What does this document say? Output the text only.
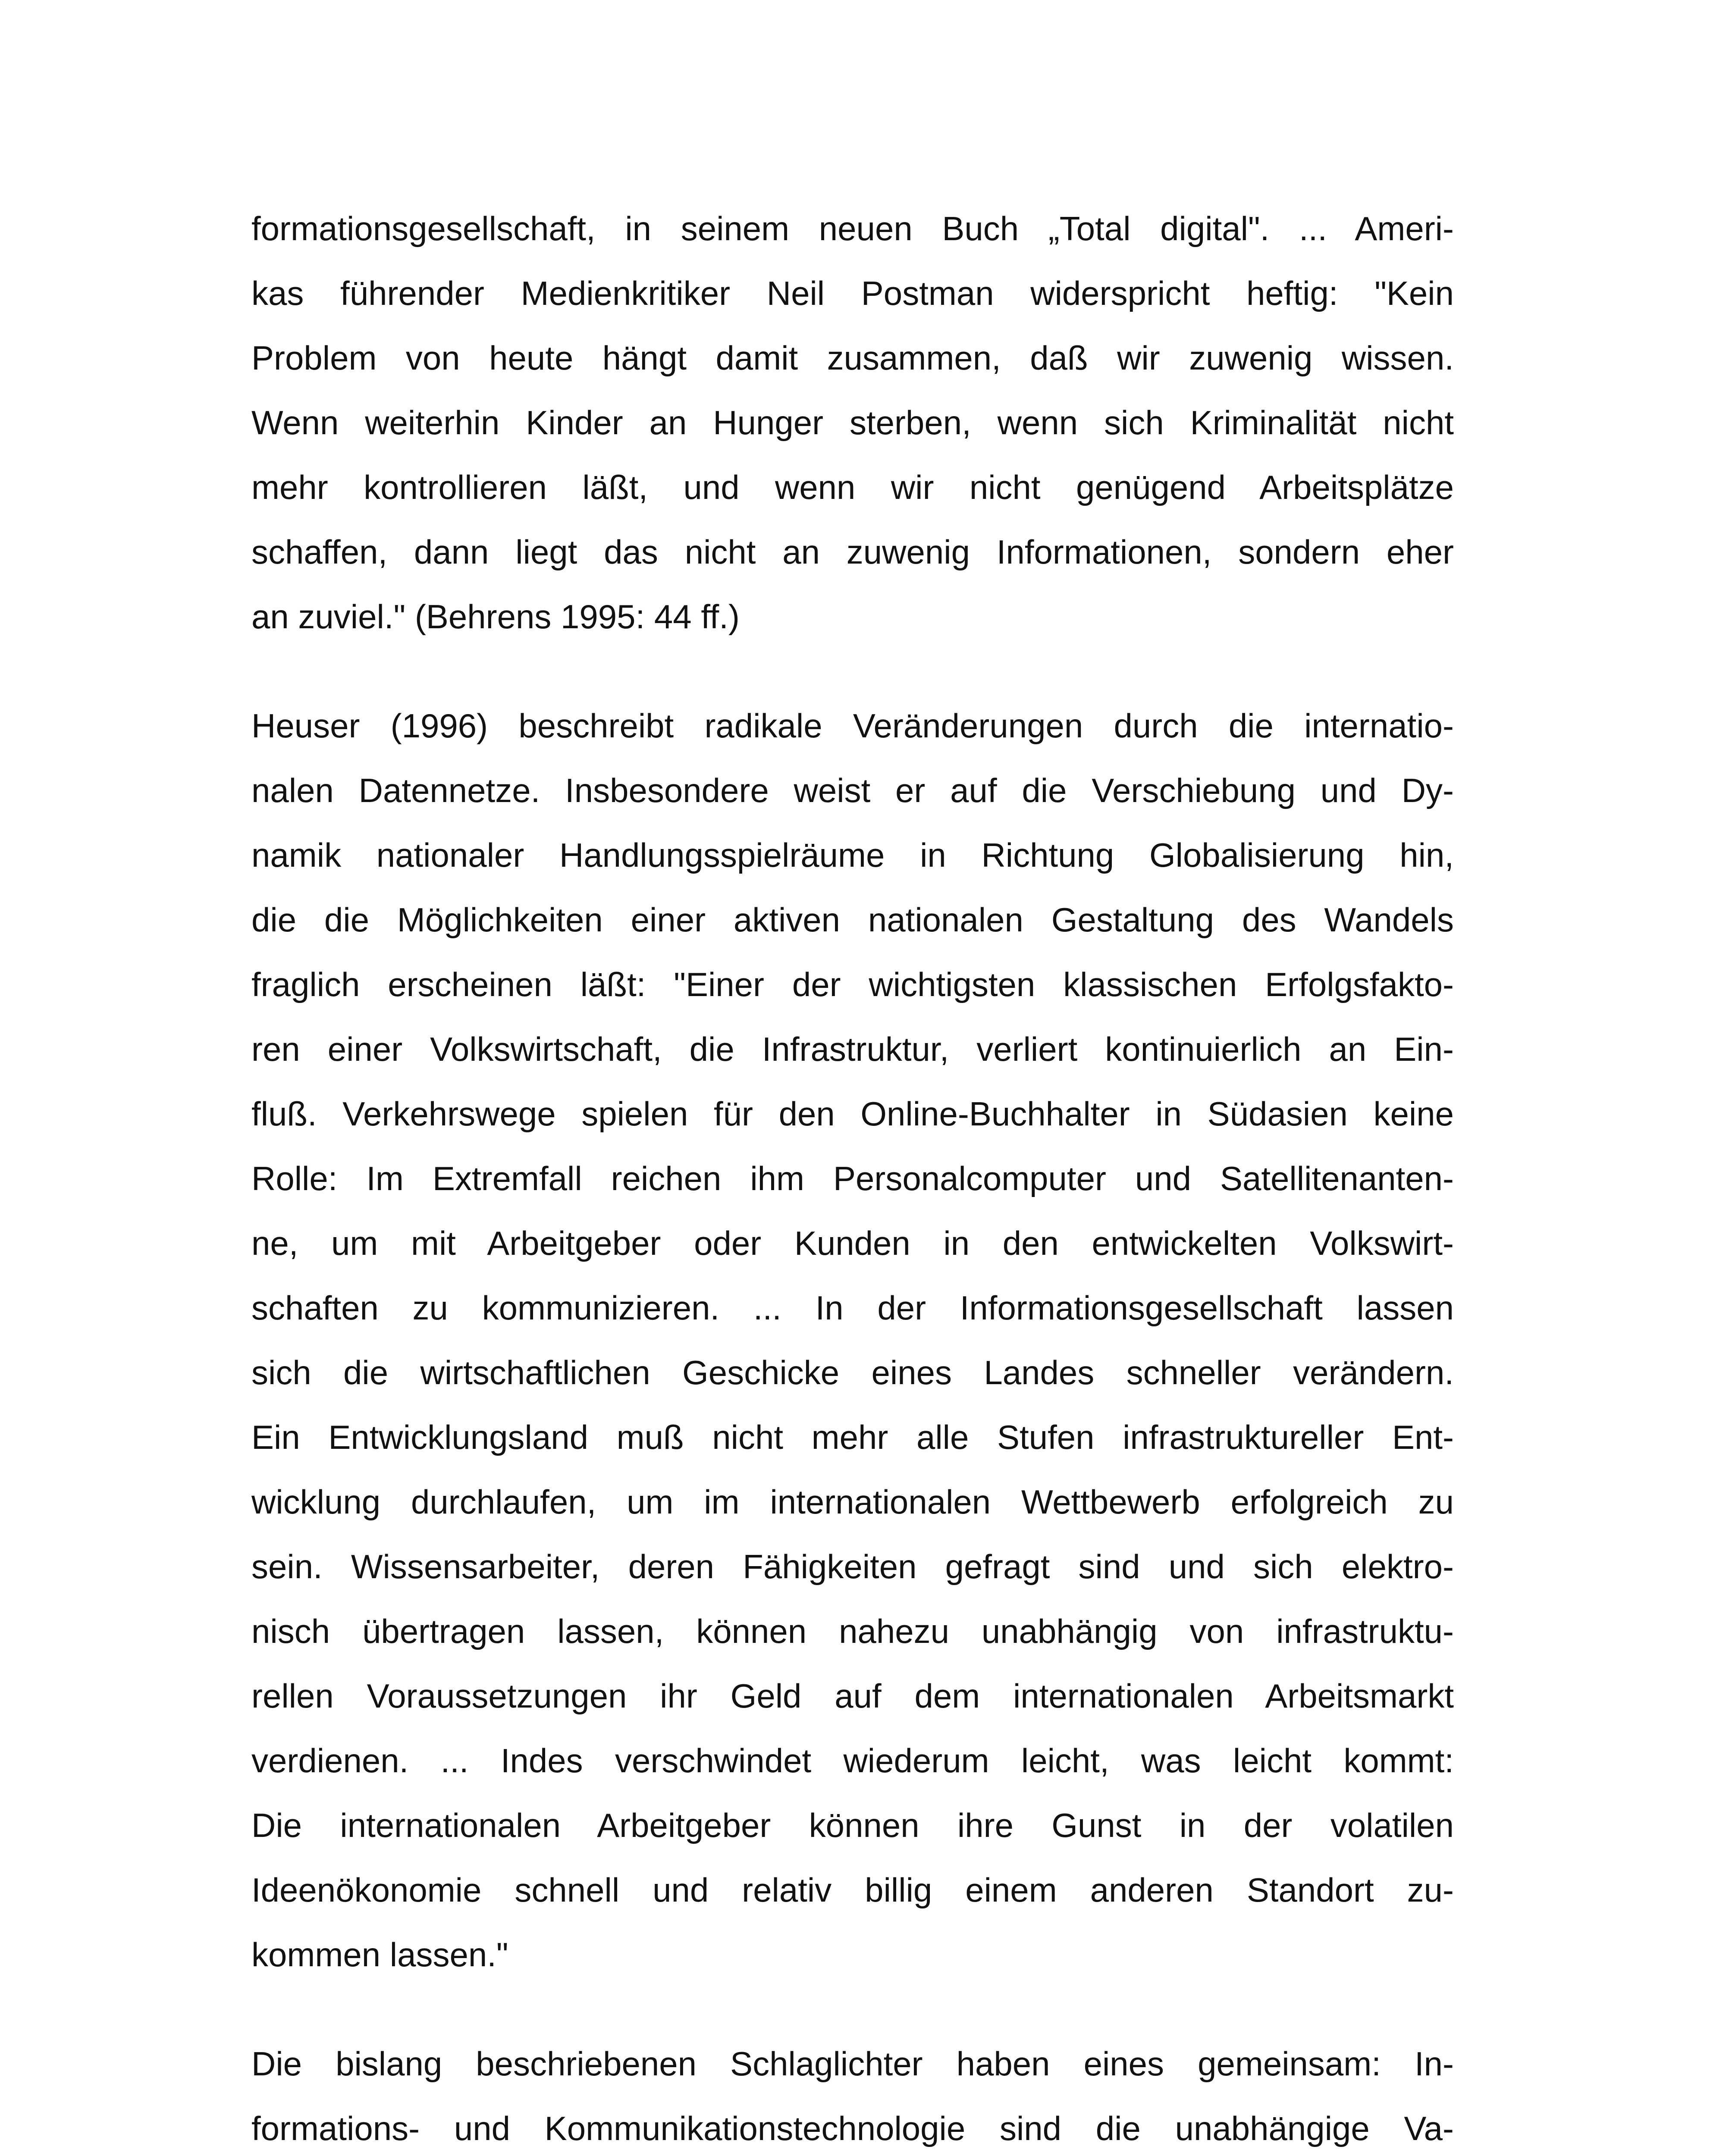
formationsgesellschaft, in seinem neuen Buch „Total digital". ... Ameri-
kas führender Medienkritiker Neil Postman widerspricht heftig: "Kein
Problem von heute hängt damit zusammen, daß wir zuwenig wissen.
Wenn weiterhin Kinder an Hunger sterben, wenn sich Kriminalität nicht
mehr kontrollieren läßt, und wenn wir nicht genügend Arbeitsplätze
schaffen, dann liegt das nicht an zuwenig Informationen, sondern eher
an zuviel." (Behrens 1995: 44 ff.)
Heuser (1996) beschreibt radikale Veränderungen durch die internatio-
nalen Datennetze. Insbesondere weist er auf die Verschiebung und Dy-
namik nationaler Handlungsspielräume in Richtung Globalisierung hin,
die die Möglichkeiten einer aktiven nationalen Gestaltung des Wandels
fraglich erscheinen läßt: "Einer der wichtigsten klassischen Erfolgsfakto-
ren einer Volkswirtschaft, die Infrastruktur, verliert kontinuierlich an Ein-
fluß. Verkehrswege spielen für den Online-Buchhalter in Südasien keine
Rolle: Im Extremfall reichen ihm Personalcomputer und Satellitenanten-
ne, um mit Arbeitgeber oder Kunden in den entwickelten Volkswirt-
schaften zu kommunizieren. ... In der Informationsgesellschaft lassen
sich die wirtschaftlichen Geschicke eines Landes schneller verändern.
Ein Entwicklungsland muß nicht mehr alle Stufen infrastruktureller Ent-
wicklung durchlaufen, um im internationalen Wettbewerb erfolgreich zu
sein. Wissensarbeiter, deren Fähigkeiten gefragt sind und sich elektro-
nisch übertragen lassen, können nahezu unabhängig von infrastruktu-
rellen Voraussetzungen ihr Geld auf dem internationalen Arbeitsmarkt
verdienen. ... Indes verschwindet wiederum leicht, was leicht kommt:
Die internationalen Arbeitgeber können ihre Gunst in der volatilen
Ideenökonomie schnell und relativ billig einem anderen Standort zu-
kommen lassen."
Die bislang beschriebenen Schlaglichter haben eines gemeinsam: In-
formations- und Kommunikationstechnologie sind die unabhängige Va-
